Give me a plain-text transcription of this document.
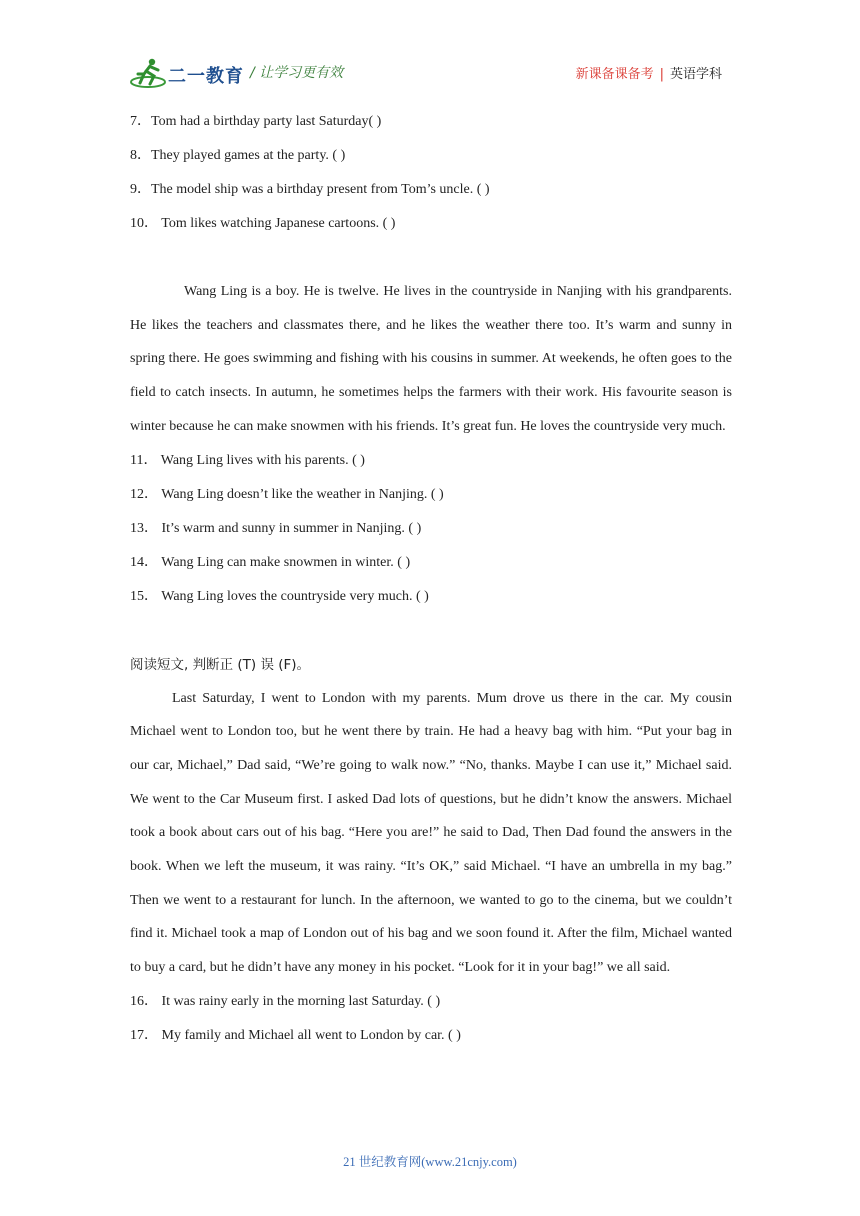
二一教育 / 让学习更有效	新课备课备考 | 英语学科
7．Tom had a birthday party last Saturday( )
8．They played games at the party. ( )
9．The model ship was a birthday present from Tom’s uncle. ( )
10． Tom likes watching Japanese cartoons. ( )
Wang Ling is a boy. He is twelve. He lives in the countryside in Nanjing with his grandparents. He likes the teachers and classmates there, and he likes the weather there too. It’s warm and sunny in spring there. He goes swimming and fishing with his cousins in summer. At weekends, he often goes to the field to catch insects. In autumn, he sometimes helps the farmers with their work. His favourite season is winter because he can make snowmen with his friends. It’s great fun. He loves the countryside very much.
11． Wang Ling lives with his parents. ( )
12． Wang Ling doesn’t like the weather in Nanjing. ( )
13． It’s warm and sunny in summer in Nanjing. ( )
14． Wang Ling can make snowmen in winter. ( )
15． Wang Ling loves the countryside very much. ( )
阅读短文, 判断正 (T) 误 (F)。
Last Saturday, I went to London with my parents. Mum drove us there in the car. My cousin Michael went to London too, but he went there by train. He had a heavy bag with him. “Put your bag in our car, Michael,” Dad said, “We’re going to walk now.” “No, thanks. Maybe I can use it,” Michael said. We went to the Car Museum first. I asked Dad lots of questions, but he didn’t know the answers. Michael took a book about cars out of his bag. “Here you are!” he said to Dad, Then Dad found the answers in the book. When we left the museum, it was rainy. “It’s OK,” said Michael. “I have an umbrella in my bag.” Then we went to a restaurant for lunch. In the afternoon, we wanted to go to the cinema, but we couldn’t find it. Michael took a map of London out of his bag and we soon found it. After the film, Michael wanted to buy a card, but he didn’t have any money in his pocket. “Look for it in your bag!” we all said.
16． It was rainy early in the morning last Saturday. ( )
17． My family and Michael all went to London by car. ( )
21 世纪教育网(www.21cnjy.com)
